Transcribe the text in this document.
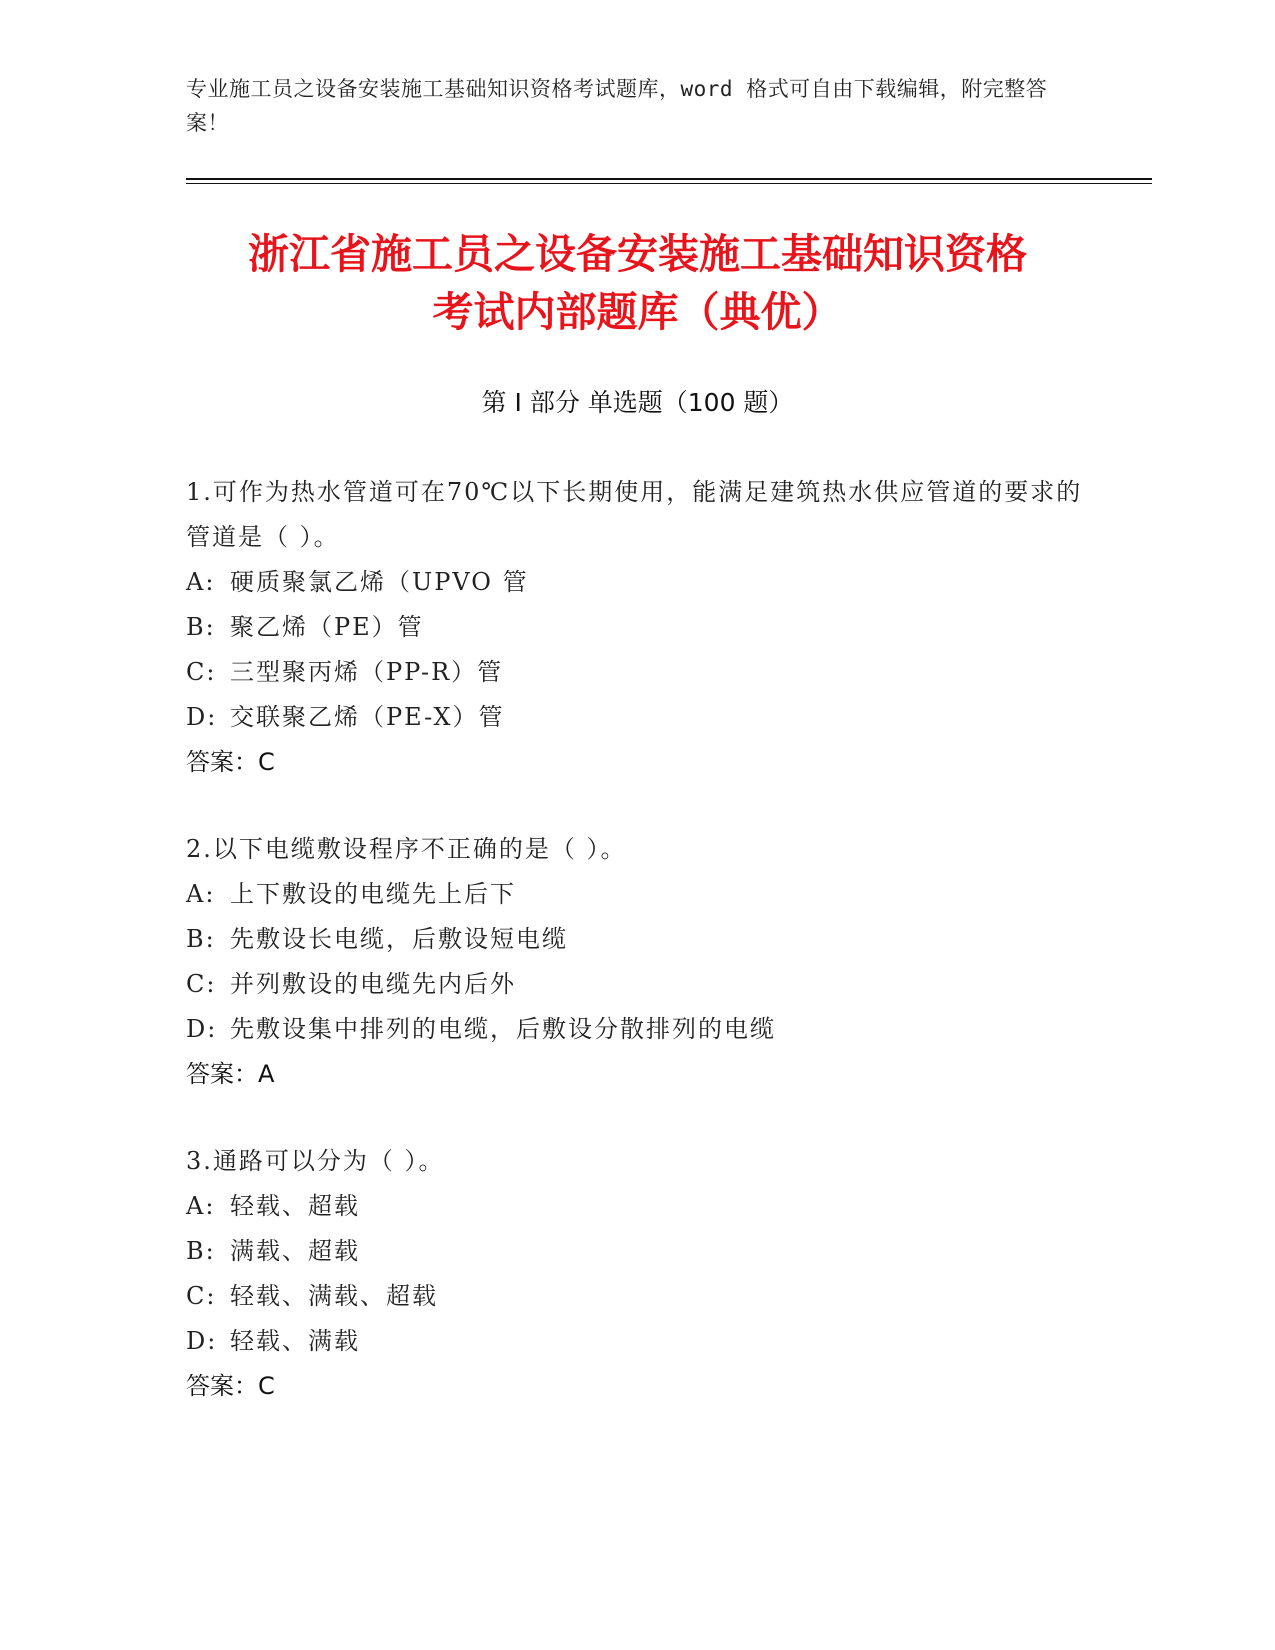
专业施工员之设备安装施工基础知识资格考试题库，word 格式可自由下载编辑，附完整答案！
浙江省施工员之设备安装施工基础知识资格
考试内部题库（典优）
第 I 部分 单选题（100 题）
1.可作为热水管道可在70℃以下长期使用，能满足建筑热水供应管道的要求的管道是（ ）。
A: 硬质聚氯乙烯（UPVO 管
B: 聚乙烯（PE）管
C: 三型聚丙烯（PP-R）管
D: 交联聚乙烯（PE-X）管
答案：C
2.以下电缆敷设程序不正确的是（ ）。
A: 上下敷设的电缆先上后下
B: 先敷设长电缆，后敷设短电缆
C: 并列敷设的电缆先内后外
D: 先敷设集中排列的电缆，后敷设分散排列的电缆
答案：A
3.通路可以分为（ ）。
A: 轻载、超载
B: 满载、超载
C: 轻载、满载、超载
D: 轻载、满载
答案：C
